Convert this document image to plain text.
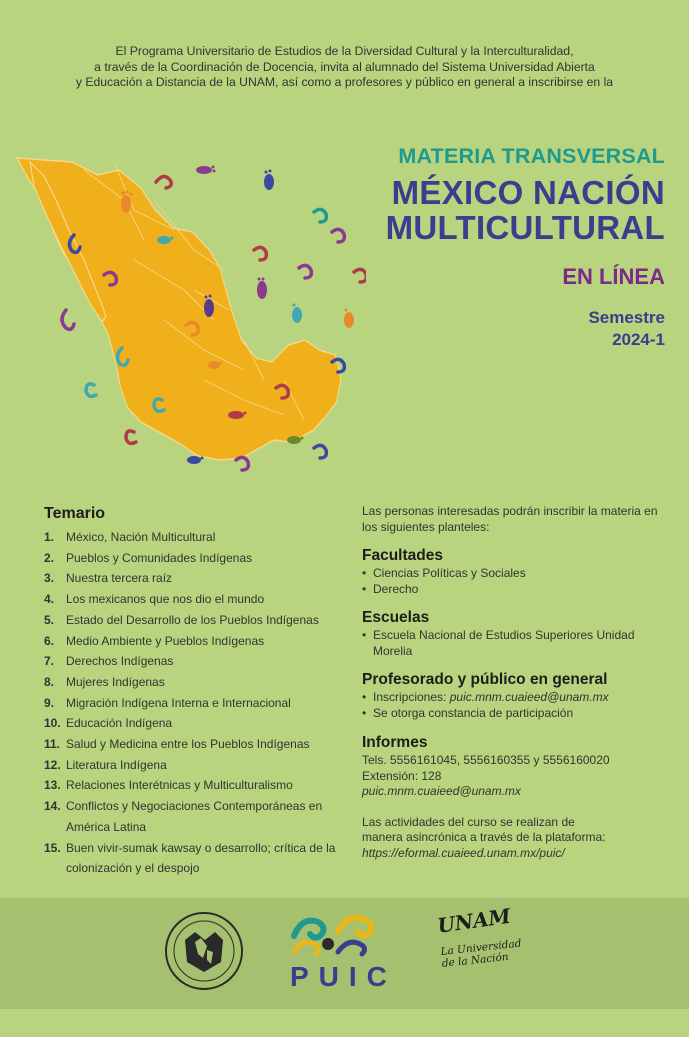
El Programa Universitario de Estudios de la Diversidad Cultural y la Interculturalidad,
a través de la Coordinación de Docencia, invita al alumnado del Sistema Universidad Abierta
y Educación a Distancia de la UNAM, así como a profesores y público en general a inscribirse en la
MATERIA TRANSVERSAL
MÉXICO NACIÓN
MULTICULTURAL
EN LÍNEA
Semestre
2024-1
Temario
1. México, Nación Multicultural
2. Pueblos y Comunidades Indígenas
3. Nuestra tercera raíz
4. Los mexicanos que nos dio el mundo
5. Estado del Desarrollo de los Pueblos Indígenas
6. Medio Ambiente y Pueblos Indígenas
7. Derechos Indígenas
8. Mujeres Indígenas
9. Migración Indígena Interna e Internacional
10. Educación Indígena
11. Salud y Medicina entre los Pueblos Indígenas
12. Literatura Indígena
13. Relaciones Interétnicas y Multiculturalismo
14. Conflictos y Negociaciones Contemporáneas en América Latina
15. Buen vivir-sumak kawsay o desarrollo; crítica de la colonización y el despojo

Las personas interesadas podrán inscribir la materia en los siguientes planteles:

Facultades
• Ciencias Políticas y Sociales
• Derecho
Escuelas
• Escuela Nacional de Estudios Superiores Unidad Morelia
Profesorado y público en general
• Inscripciones: puic.mnm.cuaieed@unam.mx
• Se otorga constancia de participación
Informes

Tels. 5556161045, 5556160355 y 5556160020

Extensión: 128

puic.mnm.cuaieed@unam.mx

Las actividades del curso se realizan de

manera asincrónica a través de la plataforma:

https://eformal.cuaieed.unam.mx/puic/

PUIC
UNAM
La Universidad de la Nación
